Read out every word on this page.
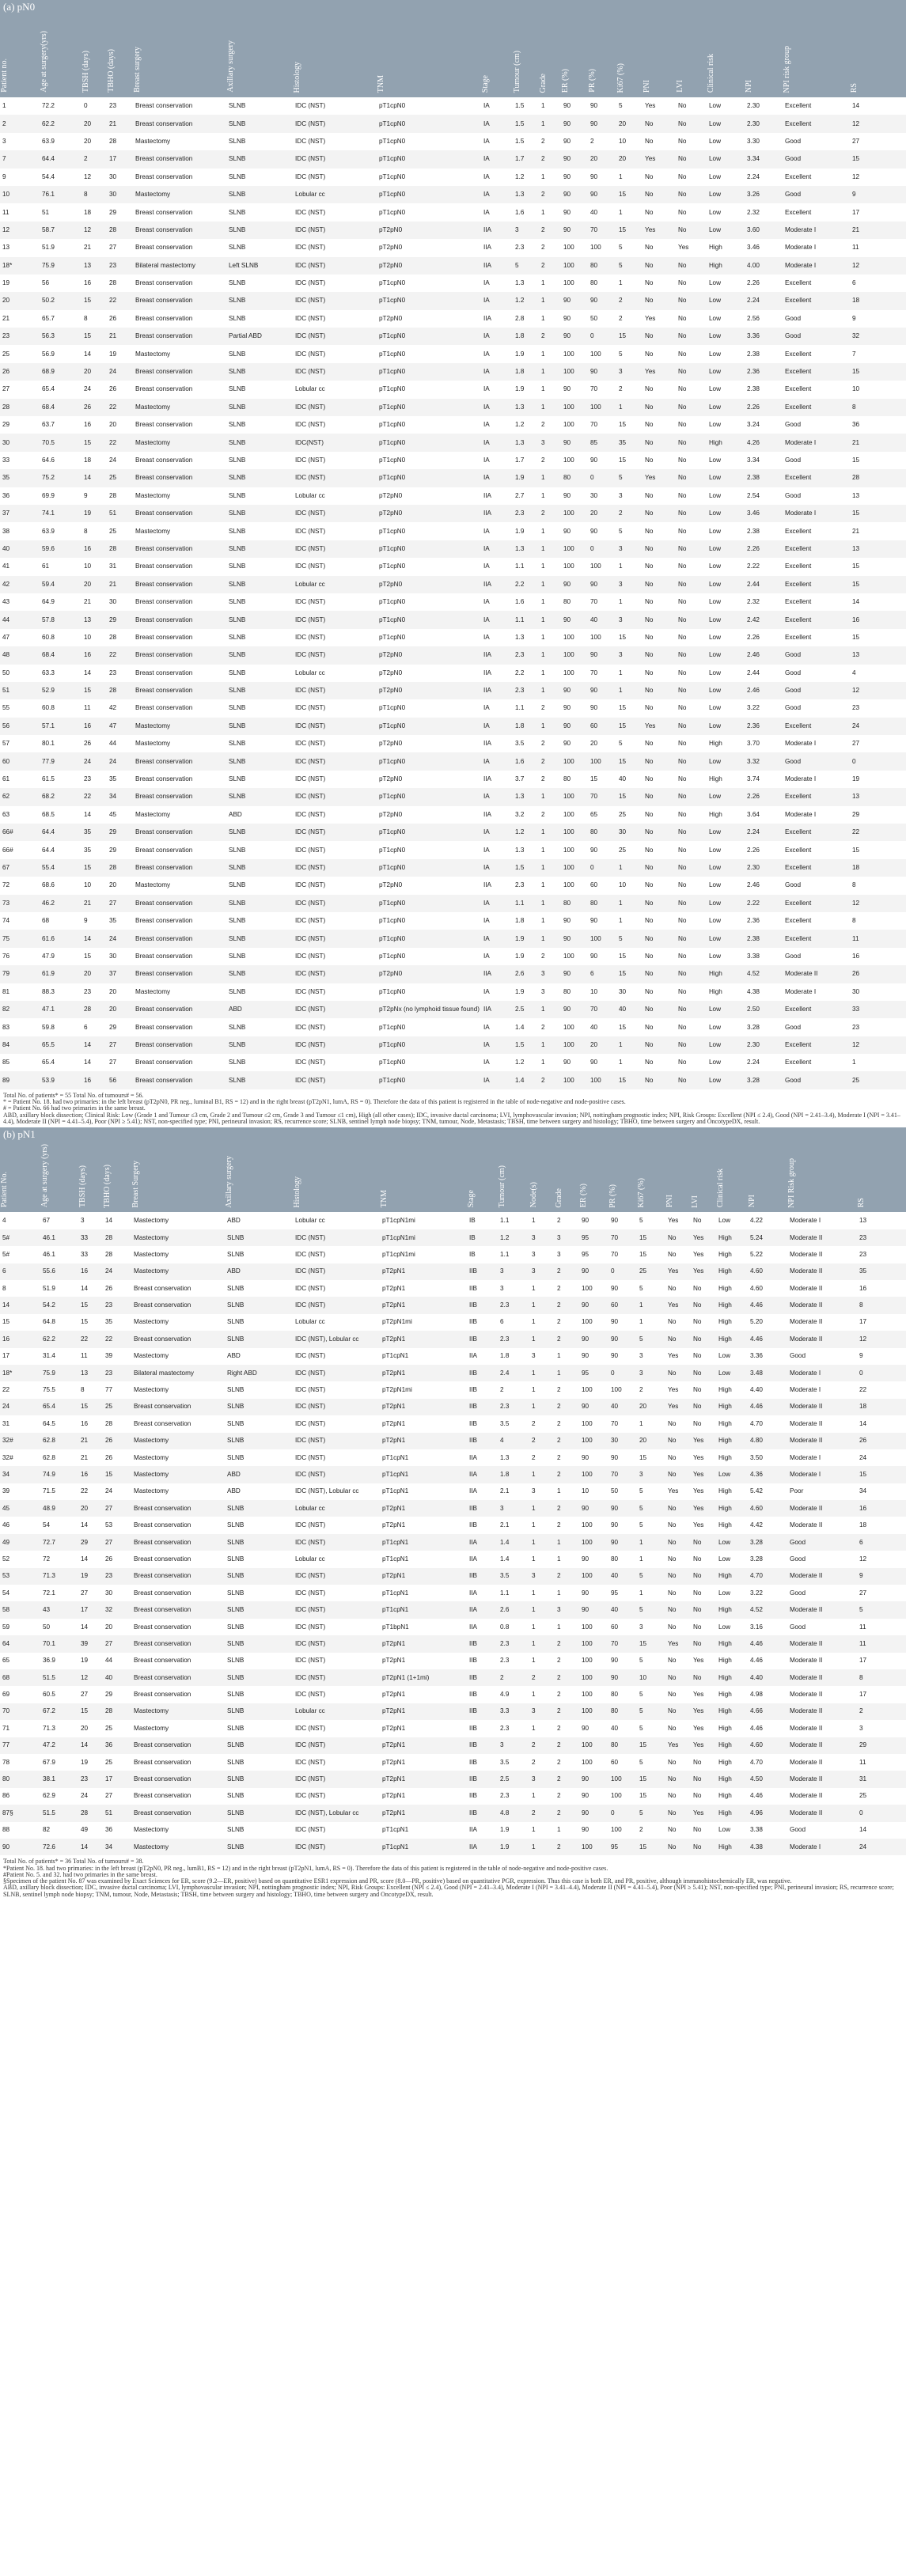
(a) pN0
Patient no.	Age at surgery(yrs)	TBSH (days)	TBHO (days)	Breast surgery	Axillary surgery	Histology	TNM	Stage	Tumour (cm)	Grade	ER (%)	PR (%)	Ki67 (%)	PNI	LVI	Clinical risk	NPI	NPI risk group	RS
1	72.2	0	23	Breast conservation	SLNB	IDC (NST)	pT1cpN0	IA	1.5	1	90	90	5	Yes	No	Low	2.30	Excellent	14
2	62.2	20	21	Breast conservation	SLNB	IDC (NST)	pT1cpN0	IA	1.5	1	90	90	20	No	No	Low	2.30	Excellent	12
3	63.9	20	28	Mastectomy	SLNB	IDC (NST)	pT1cpN0	IA	1.5	2	90	2	10	No	No	Low	3.30	Good	27
7	64.4	2	17	Breast conservation	SLNB	IDC (NST)	pT1cpN0	IA	1.7	2	90	20	20	Yes	No	Low	3.34	Good	15
9	54.4	12	30	Breast conservation	SLNB	IDC (NST)	pT1cpN0	IA	1.2	1	90	90	1	No	No	Low	2.24	Excellent	12
10	76.1	8	30	Mastectomy	SLNB	Lobular cc	pT1cpN0	IA	1.3	2	90	90	15	No	No	Low	3.26	Good	9
11	51	18	29	Breast conservation	SLNB	IDC (NST)	pT1cpN0	IA	1.6	1	90	40	1	No	No	Low	2.32	Excellent	17
12	58.7	12	28	Breast conservation	SLNB	IDC (NST)	pT2pN0	IIA	3	2	90	70	15	Yes	No	Low	3.60	Moderate I	21
13	51.9	21	27	Breast conservation	SLNB	IDC (NST)	pT2pN0	IIA	2.3	2	100	100	5	No	Yes	High	3.46	Moderate I	11
18*	75.9	13	23	Bilateral mastectomy	Left SLNB	IDC (NST)	pT2pN0	IIA	5	2	100	80	5	No	No	High	4.00	Moderate I	12
19	56	16	28	Breast conservation	SLNB	IDC (NST)	pT1cpN0	IA	1.3	1	100	80	1	No	No	Low	2.26	Excellent	6
20	50.2	15	22	Breast conservation	SLNB	IDC (NST)	pT1cpN0	IA	1.2	1	90	90	2	No	No	Low	2.24	Excellent	18
21	65.7	8	26	Breast conservation	SLNB	IDC (NST)	pT2pN0	IIA	2.8	1	90	50	2	Yes	No	Low	2.56	Good	9
23	56.3	15	21	Breast conservation	Partial ABD	IDC (NST)	pT1cpN0	IA	1.8	2	90	0	15	No	No	Low	3.36	Good	32
25	56.9	14	19	Mastectomy	SLNB	IDC (NST)	pT1cpN0	IA	1.9	1	100	100	5	No	No	Low	2.38	Excellent	7
26	68.9	20	24	Breast conservation	SLNB	IDC (NST)	pT1cpN0	IA	1.8	1	100	90	3	Yes	No	Low	2.36	Excellent	15
27	65.4	24	26	Breast conservation	SLNB	Lobular cc	pT1cpN0	IA	1.9	1	90	70	2	No	No	Low	2.38	Excellent	10
28	68.4	26	22	Mastectomy	SLNB	IDC (NST)	pT1cpN0	IA	1.3	1	100	100	1	No	No	Low	2.26	Excellent	8
29	63.7	16	20	Breast conservation	SLNB	IDC (NST)	pT1cpN0	IA	1.2	2	100	70	15	No	No	Low	3.24	Good	36
30	70.5	15	22	Mastectomy	SLNB	IDC(NST)	pT1cpN0	IA	1.3	3	90	85	35	No	No	High	4.26	Moderate I	21
33	64.6	18	24	Breast conservation	SLNB	IDC (NST)	pT1cpN0	IA	1.7	2	100	90	15	No	No	Low	3.34	Good	15
35	75.2	14	25	Breast conservation	SLNB	IDC (NST)	pT1cpN0	IA	1.9	1	80	0	5	Yes	No	Low	2.38	Excellent	28
36	69.9	9	28	Mastectomy	SLNB	Lobular cc	pT2pN0	IIA	2.7	1	90	30	3	No	No	Low	2.54	Good	13
37	74.1	19	51	Breast conservation	SLNB	IDC (NST)	pT2pN0	IIA	2.3	2	100	20	2	No	No	Low	3.46	Moderate I	15
38	63.9	8	25	Mastectomy	SLNB	IDC (NST)	pT1cpN0	IA	1.9	1	90	90	5	No	No	Low	2.38	Excellent	21
40	59.6	16	28	Breast conservation	SLNB	IDC (NST)	pT1cpN0	IA	1.3	1	100	0	3	No	No	Low	2.26	Excellent	13
41	61	10	31	Breast conservation	SLNB	IDC (NST)	pT1cpN0	IA	1.1	1	100	100	1	No	No	Low	2.22	Excellent	15
42	59.4	20	21	Breast conservation	SLNB	Lobular cc	pT2pN0	IIA	2.2	1	90	90	3	No	No	Low	2.44	Excellent	15
43	64.9	21	30	Breast conservation	SLNB	IDC (NST)	pT1cpN0	IA	1.6	1	80	70	1	No	No	Low	2.32	Excellent	14
44	57.8	13	29	Breast conservation	SLNB	IDC (NST)	pT1cpN0	IA	1.1	1	90	40	3	No	No	Low	2.42	Excellent	16
47	60.8	10	28	Breast conservation	SLNB	IDC (NST)	pT1cpN0	IA	1.3	1	100	100	15	No	No	Low	2.26	Excellent	15
48	68.4	16	22	Breast conservation	SLNB	IDC (NST)	pT2pN0	IIA	2.3	1	100	90	3	No	No	Low	2.46	Good	13
50	63.3	14	23	Breast conservation	SLNB	Lobular cc	pT2pN0	IIA	2.2	1	100	70	1	No	No	Low	2.44	Good	4
51	52.9	15	28	Breast conservation	SLNB	IDC (NST)	pT2pN0	IIA	2.3	1	90	90	1	No	No	Low	2.46	Good	12
55	60.8	11	42	Breast conservation	SLNB	IDC (NST)	pT1cpN0	IA	1.1	2	90	90	15	No	No	Low	3.22	Good	23
56	57.1	16	47	Mastectomy	SLNB	IDC (NST)	pT1cpN0	IA	1.8	1	90	60	15	Yes	No	Low	2.36	Excellent	24
57	80.1	26	44	Mastectomy	SLNB	IDC (NST)	pT2pN0	IIA	3.5	2	90	20	5	No	No	High	3.70	Moderate I	27
60	77.9	24	24	Breast conservation	SLNB	IDC (NST)	pT1cpN0	IA	1.6	2	100	100	15	No	No	Low	3.32	Good	0
61	61.5	23	35	Breast conservation	SLNB	IDC (NST)	pT2pN0	IIA	3.7	2	80	15	40	No	No	High	3.74	Moderate I	19
62	68.2	22	34	Breast conservation	SLNB	IDC (NST)	pT1cpN0	IA	1.3	1	100	70	15	No	No	Low	2.26	Excellent	13
63	68.5	14	45	Mastectomy	ABD	IDC (NST)	pT2pN0	IIA	3.2	2	100	65	25	No	No	High	3.64	Moderate I	29
66#	64.4	35	29	Breast conservation	SLNB	IDC (NST)	pT1cpN0	IA	1.2	1	100	80	30	No	No	Low	2.24	Excellent	22
66#	64.4	35	29	Breast conservation	SLNB	IDC (NST)	pT1cpN0	IA	1.3	1	100	90	25	No	No	Low	2.26	Excellent	15
67	55.4	15	28	Breast conservation	SLNB	IDC (NST)	pT1cpN0	IA	1.5	1	100	0	1	No	No	Low	2.30	Excellent	18
72	68.6	10	20	Mastectomy	SLNB	IDC (NST)	pT2pN0	IIA	2.3	1	100	60	10	No	No	Low	2.46	Good	8
73	46.2	21	27	Breast conservation	SLNB	IDC (NST)	pT1cpN0	IA	1.1	1	80	80	1	No	No	Low	2.22	Excellent	12
74	68	9	35	Breast conservation	SLNB	IDC (NST)	pT1cpN0	IA	1.8	1	90	90	1	No	No	Low	2.36	Excellent	8
75	61.6	14	24	Breast conservation	SLNB	IDC (NST)	pT1cpN0	IA	1.9	1	90	100	5	No	No	Low	2.38	Excellent	11
76	47.9	15	30	Breast conservation	SLNB	IDC (NST)	pT1cpN0	IA	1.9	2	100	90	15	No	No	Low	3.38	Good	16
79	61.9	20	37	Breast conservation	SLNB	IDC (NST)	pT2pN0	IIA	2.6	3	90	6	15	No	No	High	4.52	Moderate II	26
81	88.3	23	20	Mastectomy	SLNB	IDC (NST)	pT1cpN0	IA	1.9	3	80	10	30	No	No	High	4.38	Moderate I	30
82	47.1	28	20	Breast conservation	ABD	IDC (NST)	pT2pNx (no lymphoid tissue found)	IIA	2.5	1	90	70	40	No	No	Low	2.50	Excellent	33
83	59.8	6	29	Breast conservation	SLNB	IDC (NST)	pT1cpN0	IA	1.4	2	100	40	15	No	No	Low	3.28	Good	23
84	65.5	14	27	Breast conservation	SLNB	IDC (NST)	pT1cpN0	IA	1.5	1	100	20	1	No	No	Low	2.30	Excellent	12
85	65.4	14	27	Breast conservation	SLNB	IDC (NST)	pT1cpN0	IA	1.2	1	90	90	1	No	No	Low	2.24	Excellent	1
89	53.9	16	56	Breast conservation	SLNB	IDC (NST)	pT1cpN0	IA	1.4	2	100	100	15	No	No	Low	3.28	Good	25

Total No. of patients* = 55 Total No. of tumours# = 56.

* = Patient No. 18. had two primaries: in the left breast (pT2pN0, PR neg., luminal B1, RS = 12) and in the right breast (pT2pN1, lumA, RS = 0). Therefore the data of this patient is registered in the table of node-negative and node-positive cases.

# = Patient No. 66 had two primaries in the same breast.

ABD, axillary block dissection; Clinical Risk: Low (Grade 1 and Tumour ≤3 cm, Grade 2 and Tumour ≤2 cm, Grade 3 and Tumour ≤1 cm), High (all other cases); IDC, invasive ductal carcinoma; LVI, lymphovascular invasion; NPI, nottingham prognostic index; NPI, Risk Groups: Excellent (NPI ≤ 2.4), Good (NPI = 2.41–3.4), Moderate I (NPI = 3.41–4.4), Moderate II (NPI = 4.41–5.4), Poor (NPI ≥ 5.41); NST, non-specified type; PNI, perineural invasion; RS, recurrence score; SLNB, sentinel lymph node biopsy; TNM, tumour, Node, Metastasis; TBSH, time between surgery and histology; TBHO, time between surgery and OncotypeDX, result.

(b) pN1
Patient No.	Age at surgery (yrs)	TBSH (days)	TBHO (days)	Breast Surgery	Axillary surgery	Histology	TNM	Stage	Tumour (cm)	Node(s)	Grade	ER (%)	PR (%)	Ki67 (%)	PNI	LVI	Clinical risk	NPI	NPI Risk group	RS
4	67	3	14	Mastectomy	ABD	Lobular cc	pT1cpN1mi	IB	1.1	1	2	90	90	5	Yes	No	Low	4.22	Moderate I	13
5#	46.1	33	28	Mastectomy	SLNB	IDC (NST)	pT1cpN1mi	IB	1.2	3	3	95	70	15	No	Yes	High	5.24	Moderate II	23
5#	46.1	33	28	Mastectomy	SLNB	IDC (NST)	pT1cpN1mi	IB	1.1	3	3	95	70	15	No	Yes	High	5.22	Moderate II	23
6	55.6	16	24	Mastectomy	ABD	IDC (NST)	pT2pN1	IIB	3	3	2	90	0	25	Yes	Yes	High	4.60	Moderate II	35
8	51.9	14	26	Breast conservation	SLNB	IDC (NST)	pT2pN1	IIB	3	1	2	100	90	5	No	No	High	4.60	Moderate II	16
14	54.2	15	23	Breast conservation	SLNB	IDC (NST)	pT2pN1	IIB	2.3	1	2	90	60	1	Yes	No	High	4.46	Moderate II	8
15	64.8	15	35	Mastectomy	SLNB	Lobular cc	pT2pN1mi	IIB	6	1	2	100	90	1	No	No	High	5.20	Moderate II	17
16	62.2	22	22	Breast conservation	SLNB	IDC (NST), Lobular cc	pT2pN1	IIB	2.3	1	2	90	90	5	No	No	High	4.46	Moderate II	12
17	31.4	11	39	Mastectomy	ABD	IDC (NST)	pT1cpN1	IIA	1.8	3	1	90	90	3	Yes	No	Low	3.36	Good	9
18*	75.9	13	23	Bilateral mastectomy	Right ABD	IDC (NST)	pT2pN1	IIB	2.4	1	1	95	0	3	No	No	Low	3.48	Moderate I	0
22	75.5	8	77	Mastectomy	SLNB	IDC (NST)	pT2pN1mi	IIB	2	1	2	100	100	2	Yes	No	High	4.40	Moderate I	22
24	65.4	15	25	Breast conservation	SLNB	IDC (NST)	pT2pN1	IIB	2.3	1	2	90	40	20	Yes	No	High	4.46	Moderate II	18
31	64.5	16	28	Breast conservation	SLNB	IDC (NST)	pT2pN1	IIB	3.5	2	2	100	70	1	No	No	High	4.70	Moderate II	14
32#	62.8	21	26	Mastectomy	SLNB	IDC (NST)	pT2pN1	IIB	4	2	2	100	30	20	No	Yes	High	4.80	Moderate II	26
32#	62.8	21	26	Mastectomy	SLNB	IDC (NST)	pT1cpN1	IIA	1.3	2	2	90	90	15	No	Yes	High	3.50	Moderate I	24
34	74.9	16	15	Mastectomy	ABD	IDC (NST)	pT1cpN1	IIA	1.8	1	2	100	70	3	No	Yes	Low	4.36	Moderate I	15
39	71.5	22	24	Mastectomy	ABD	IDC (NST), Lobular cc	pT1cpN1	IIA	2.1	3	1	10	50	5	Yes	Yes	High	5.42	Poor	34
45	48.9	20	27	Breast conservation	SLNB	Lobular cc	pT2pN1	IIB	3	1	2	90	90	5	No	Yes	High	4.60	Moderate II	16
46	54	14	53	Breast conservation	SLNB	IDC (NST)	pT2pN1	IIB	2.1	1	2	100	90	5	No	Yes	High	4.42	Moderate II	18
49	72.7	29	27	Breast conservation	SLNB	IDC (NST)	pT1cpN1	IIA	1.4	1	1	100	90	1	No	No	Low	3.28	Good	6
52	72	14	26	Breast conservation	SLNB	Lobular cc	pT1cpN1	IIA	1.4	1	1	90	80	1	No	No	Low	3.28	Good	12
53	71.3	19	23	Breast conservation	SLNB	IDC (NST)	pT2pN1	IIB	3.5	3	2	100	40	5	No	No	High	4.70	Moderate II	9
54	72.1	27	30	Breast conservation	SLNB	IDC (NST)	pT1cpN1	IIA	1.1	1	1	90	95	1	No	No	Low	3.22	Good	27
58	43	17	32	Breast conservation	SLNB	IDC (NST)	pT1cpN1	IIA	2.6	1	3	90	40	5	No	No	High	4.52	Moderate II	5
59	50	14	20	Breast conservation	SLNB	IDC (NST)	pT1bpN1	IIA	0.8	1	1	100	60	3	No	No	Low	3.16	Good	11
64	70.1	39	27	Breast conservation	SLNB	IDC (NST)	pT2pN1	IIB	2.3	1	2	100	70	15	Yes	No	High	4.46	Moderate II	11
65	36.9	19	44	Breast conservation	SLNB	IDC (NST)	pT2pN1	IIB	2.3	1	2	100	90	5	No	Yes	High	4.46	Moderate II	17
68	51.5	12	40	Breast conservation	SLNB	IDC (NST)	pT2pN1 (1+1mi)	IIB	2	2	2	100	90	10	No	No	High	4.40	Moderate II	8
69	60.5	27	29	Breast conservation	SLNB	IDC (NST)	pT2pN1	IIB	4.9	1	2	100	80	5	No	Yes	High	4.98	Moderate II	17
70	67.2	15	28	Mastectomy	SLNB	Lobular cc	pT2pN1	IIB	3.3	3	2	100	80	5	No	Yes	High	4.66	Moderate II	2
71	71.3	20	25	Mastectomy	SLNB	IDC (NST)	pT2pN1	IIB	2.3	1	2	90	40	5	No	Yes	High	4.46	Moderate II	3
77	47.2	14	36	Breast conservation	SLNB	IDC (NST)	pT2pN1	IIB	3	2	2	100	80	15	Yes	Yes	High	4.60	Moderate II	29
78	67.9	19	25	Breast conservation	SLNB	IDC (NST)	pT2pN1	IIB	3.5	2	2	100	60	5	No	No	High	4.70	Moderate II	11
80	38.1	23	17	Breast conservation	SLNB	IDC (NST)	pT2pN1	IIB	2.5	3	2	90	100	15	No	No	High	4.50	Moderate II	31
86	62.9	24	27	Breast conservation	SLNB	IDC (NST)	pT2pN1	IIB	2.3	1	2	90	100	15	No	No	High	4.46	Moderate II	25
87§	51.5	28	51	Breast conservation	SLNB	IDC (NST), Lobular cc	pT2pN1	IIB	4.8	2	2	90	0	5	No	Yes	High	4.96	Moderate II	0
88	82	49	36	Mastectomy	SLNB	IDC (NST)	pT1cpN1	IIA	1.9	1	1	90	100	2	No	No	Low	3.38	Good	14
90	72.6	14	34	Mastectomy	SLNB	IDC (NST)	pT1cpN1	IIA	1.9	1	2	100	95	15	No	No	High	4.38	Moderate I	24

Total No. of patients* = 36 Total No. of tumours# = 38.

*Patient No. 18. had two primaries: in the left breast (pT2pN0, PR neg., lumB1, RS = 12) and in the right breast (pT2pN1, lumA, RS = 0). Therefore the data of this patient is registered in the table of node-negative and node-positive cases.

#Patient No. 5. and 32. had two primaries in the same breast.

§Specimen of the patient No. 87 was examined by Exact Sciences for ER, score (9.2—ER, positive) based on quantitative ESR1 expression and PR, score (8.0—PR, positive) based on quantitative PGR, expression. Thus this case is both ER, and PR, positive, although immunohistochemically ER, was negative.

ABD, axillary block dissection; IDC, invasive ductal carcinoma; LVI, lymphovascular invasion; NPI, nottingham prognostic index; NPI, Risk Groups: Excellent (NPI ≤ 2.4), Good (NPI = 2.41–3.4), Moderate I (NPI = 3.41–4.4), Moderate II (NPI = 4.41–5.4), Poor (NPI ≥ 5.41); NST, non-specified type; PNI, perineural invasion; RS, recurrence score; SLNB, sentinel lymph node biopsy; TNM, tumour, Node, Metastasis; TBSH, time between surgery and histology; TBHO, time between surgery and OncotypeDX, result.
